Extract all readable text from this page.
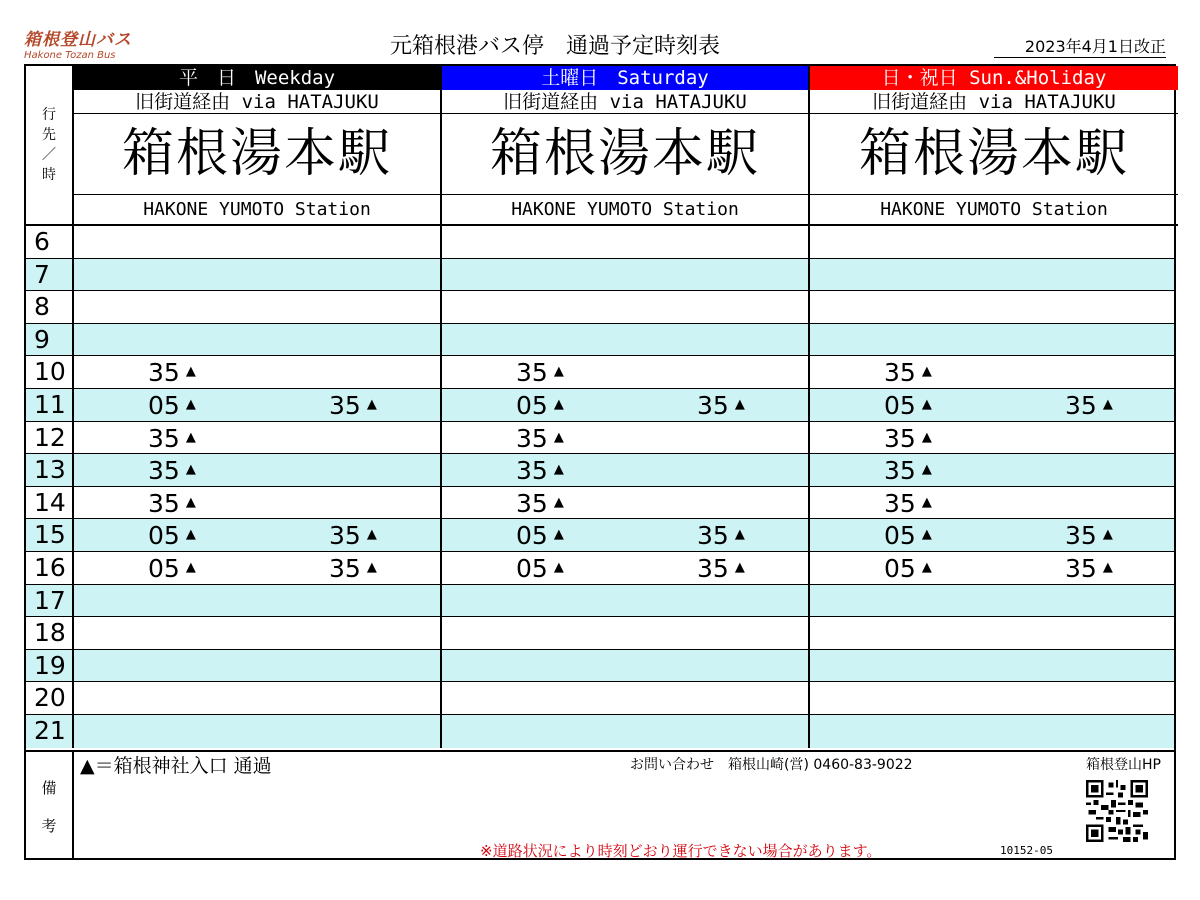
箱根登山バス
Hakone Tozan Bus	元箱根港バス停　通過予定時刻表	2023年4月1日改正
行
先
／
時
平　日　Weekday
旧街道経由 via HATAJUKU
箱根湯本駅
HAKONE YUMOTO Station
土曜日　Saturday
旧街道経由 via HATAJUKU
箱根湯本駅
HAKONE YUMOTO Station
日・祝日 Sun.&Holiday
旧街道経由 via HATAJUKU
箱根湯本駅
HAKONE YUMOTO Station
6
7
8
9
10	35 ▲	35 ▲	35 ▲
11	05 ▲	35 ▲	05 ▲	35 ▲	05 ▲	35 ▲
12	35 ▲	35 ▲	35 ▲
13	35 ▲	35 ▲	35 ▲
14	35 ▲	35 ▲	35 ▲
15	05 ▲	35 ▲	05 ▲	35 ▲	05 ▲	35 ▲
16	05 ▲	35 ▲	05 ▲	35 ▲	05 ▲	35 ▲
17
18
19
20
21
備
考
▲＝箱根神社入口 通過	お問い合わせ　箱根山崎(営) 0460-83-9022	箱根登山HP
※道路状況により時刻どおり運行できない場合があります。	10152-05
